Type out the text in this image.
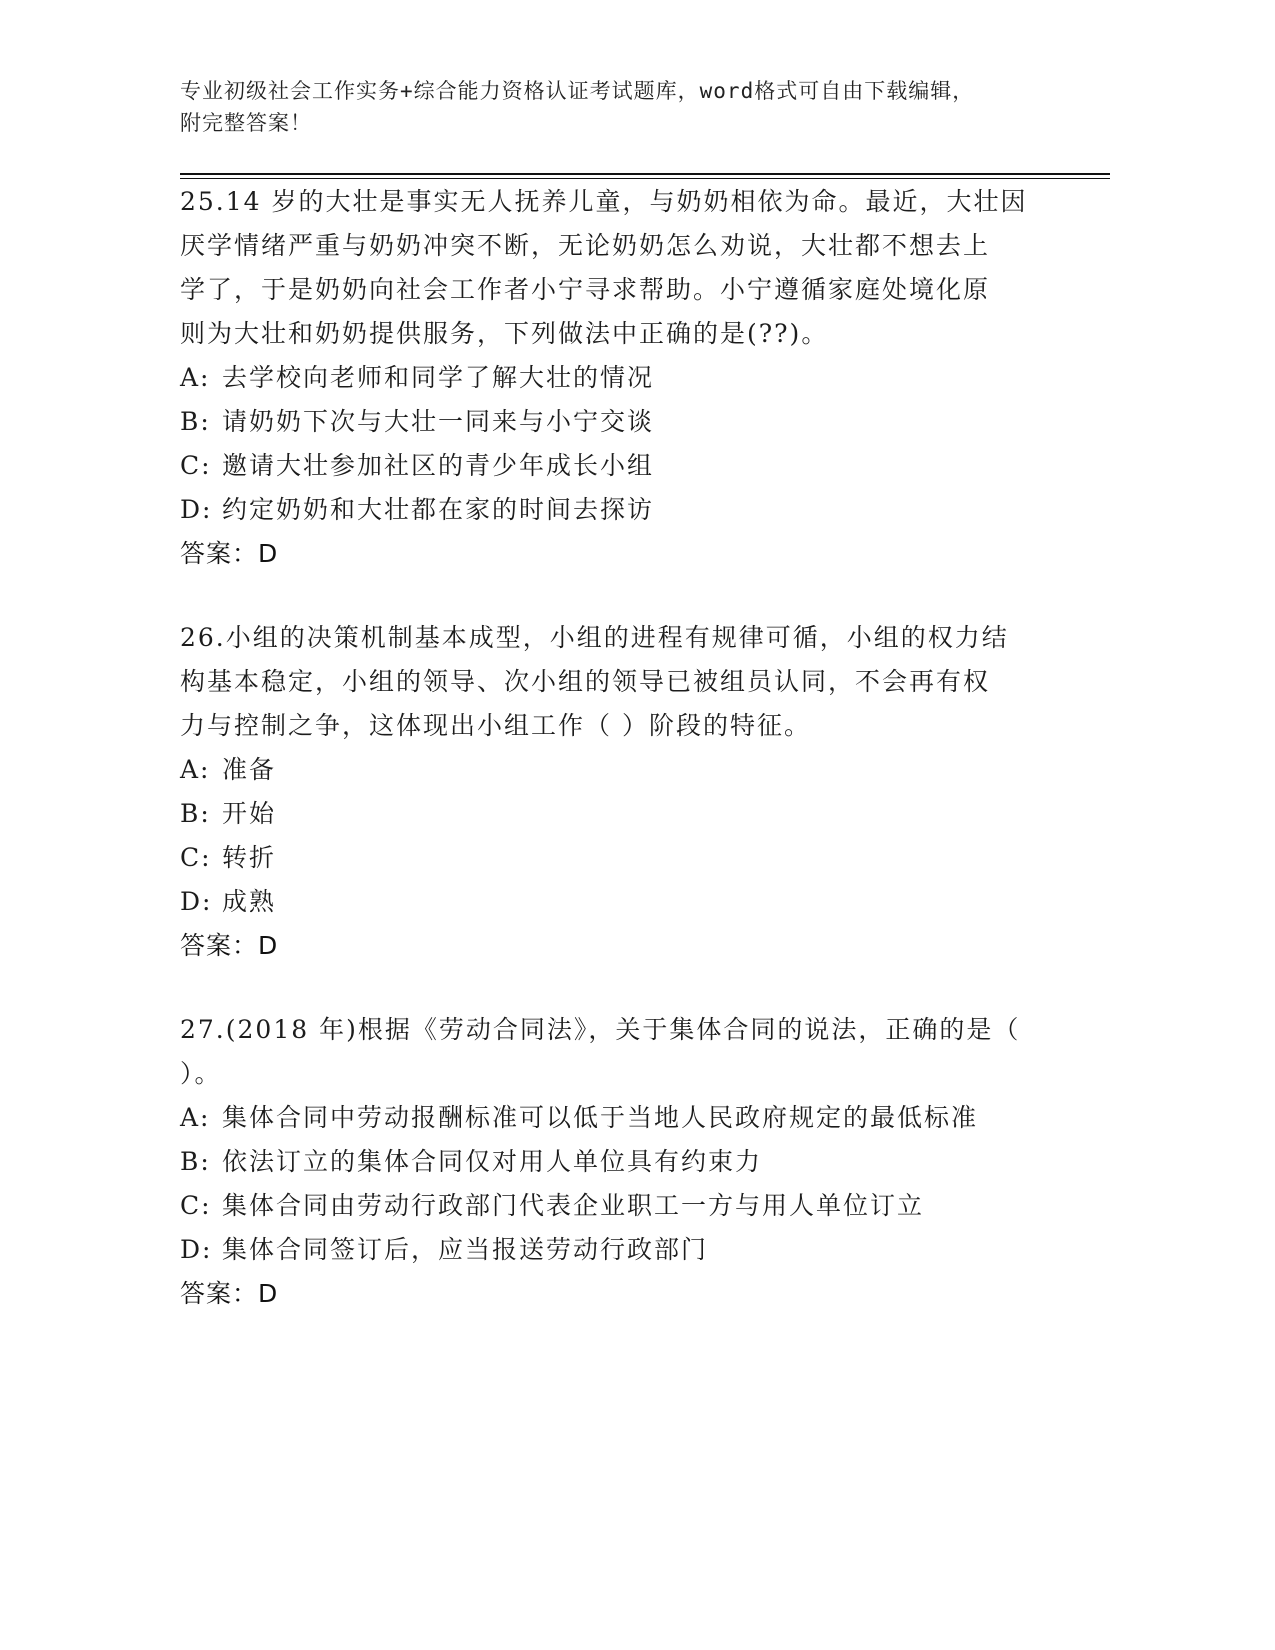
专业初级社会工作实务+综合能力资格认证考试题库，word格式可自由下载编辑，
附完整答案！
25.14 岁的大壮是事实无人抚养儿童，与奶奶相依为命。最近，大壮因
厌学情绪严重与奶奶冲突不断，无论奶奶怎么劝说，大壮都不想去上
学了，于是奶奶向社会工作者小宁寻求帮助。小宁遵循家庭处境化原
则为大壮和奶奶提供服务，下列做法中正确的是(??)。
A: 去学校向老师和同学了解大壮的情况
B: 请奶奶下次与大壮一同来与小宁交谈
C: 邀请大壮参加社区的青少年成长小组
D: 约定奶奶和大壮都在家的时间去探访
答案：D
26.小组的决策机制基本成型，小组的进程有规律可循，小组的权力结
构基本稳定，小组的领导、次小组的领导已被组员认同，不会再有权
力与控制之争，这体现出小组工作（ ）阶段的特征。
A: 准备
B: 开始
C: 转折
D: 成熟
答案：D
27.(2018 年)根据《劳动合同法》，关于集体合同的说法，正确的是（
）。
A: 集体合同中劳动报酬标准可以低于当地人民政府规定的最低标准
B: 依法订立的集体合同仅对用人单位具有约束力
C: 集体合同由劳动行政部门代表企业职工一方与用人单位订立
D: 集体合同签订后，应当报送劳动行政部门
答案：D
